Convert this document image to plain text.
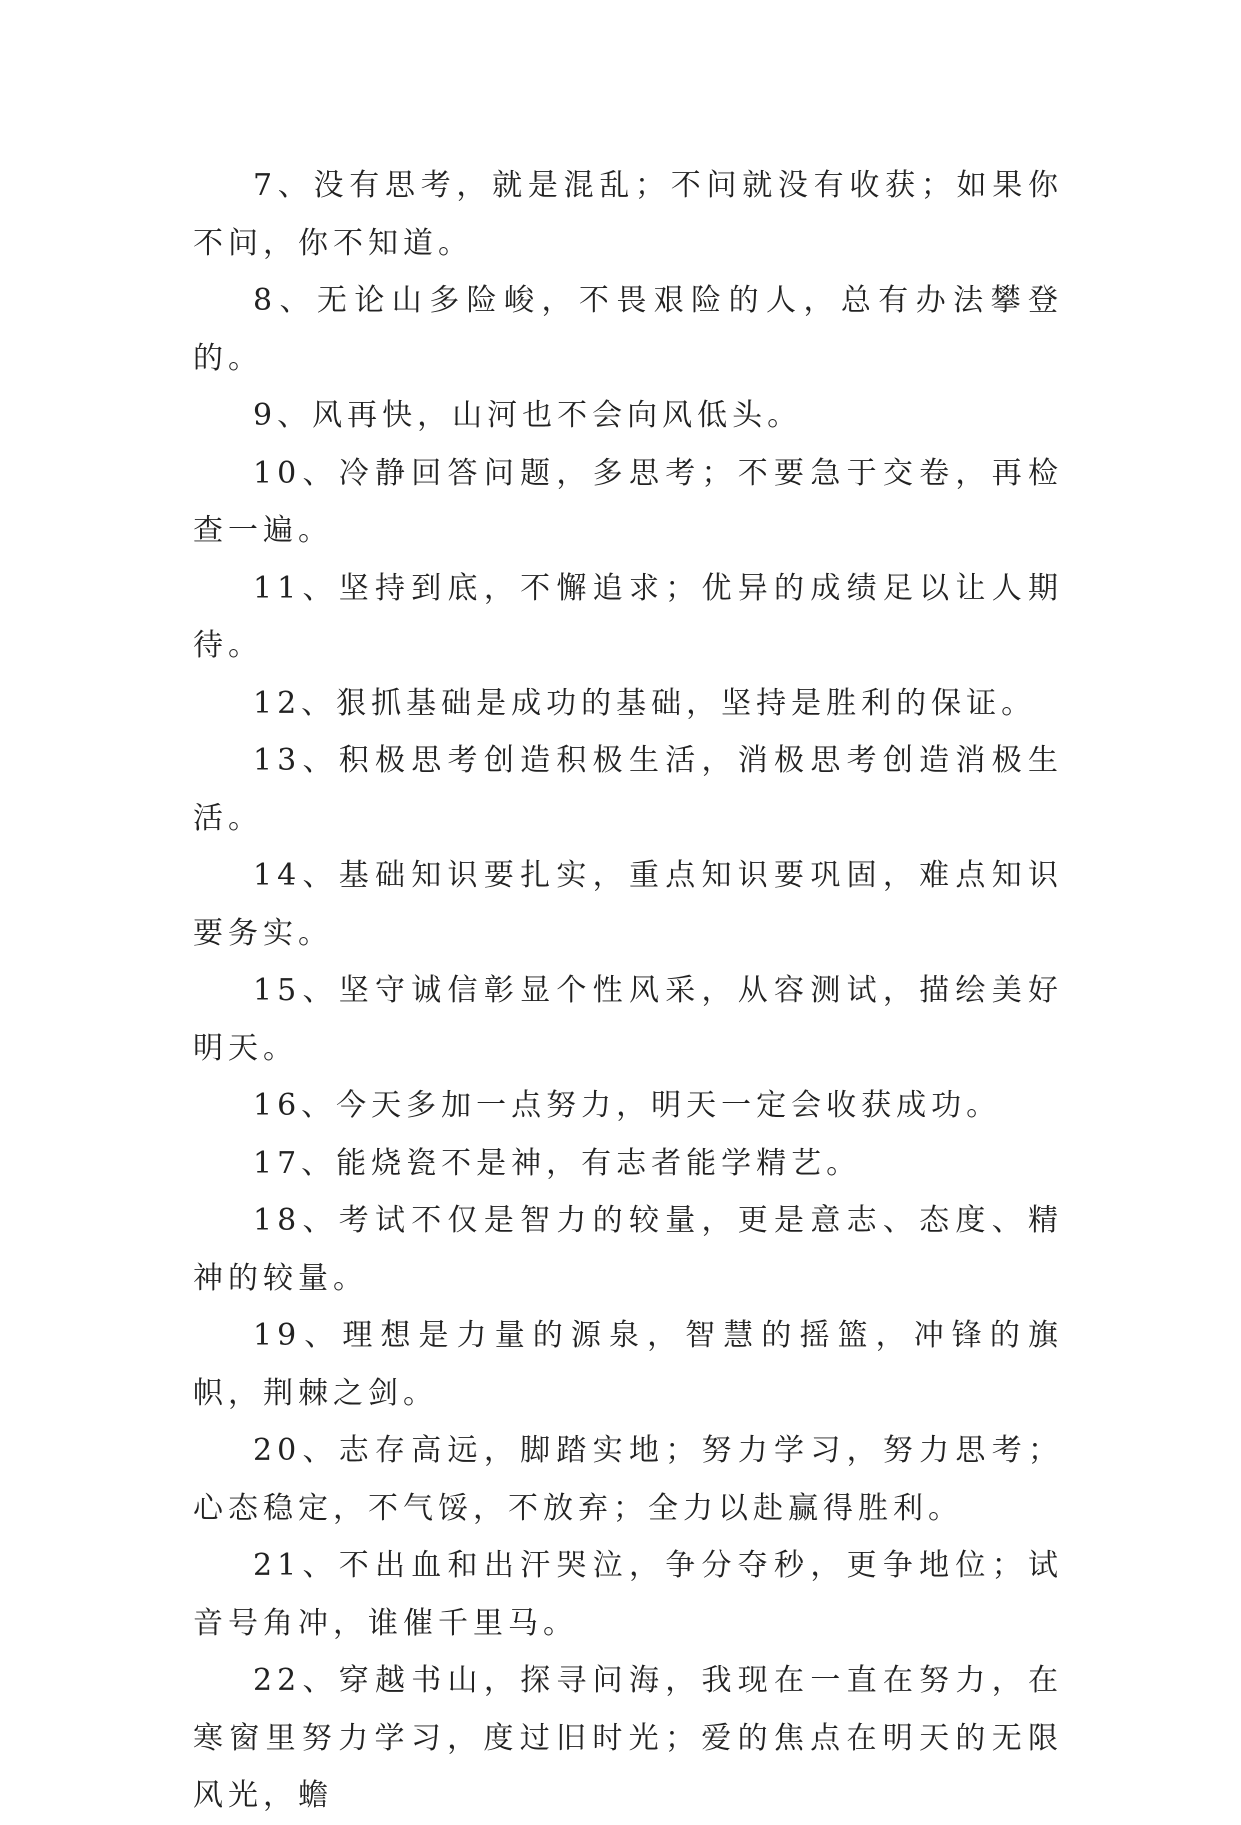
7、没有思考，就是混乱；不问就没有收获；如果你不问，你不知道。

8、无论山多险峻，不畏艰险的人，总有办法攀登的。

9、风再快，山河也不会向风低头。

10、冷静回答问题，多思考；不要急于交卷，再检查一遍。

11、坚持到底，不懈追求；优异的成绩足以让人期待。

12、狠抓基础是成功的基础，坚持是胜利的保证。

13、积极思考创造积极生活，消极思考创造消极生活。

14、基础知识要扎实，重点知识要巩固，难点知识要务实。

15、坚守诚信彰显个性风采，从容测试，描绘美好明天。

16、今天多加一点努力，明天一定会收获成功。

17、能烧瓷不是神，有志者能学精艺。

18、考试不仅是智力的较量，更是意志、态度、精神的较量。

19、理想是力量的源泉，智慧的摇篮，冲锋的旗帜，荆棘之剑。

20、志存高远，脚踏实地；努力学习，努力思考；心态稳定，不气馁，不放弃；全力以赴赢得胜利。

21、不出血和出汗哭泣，争分夺秒，更争地位；试音号角冲，谁催千里马。

22、穿越书山，探寻问海，我现在一直在努力，在寒窗里努力学习，度过旧时光；爱的焦点在明天的无限风光，蟾
